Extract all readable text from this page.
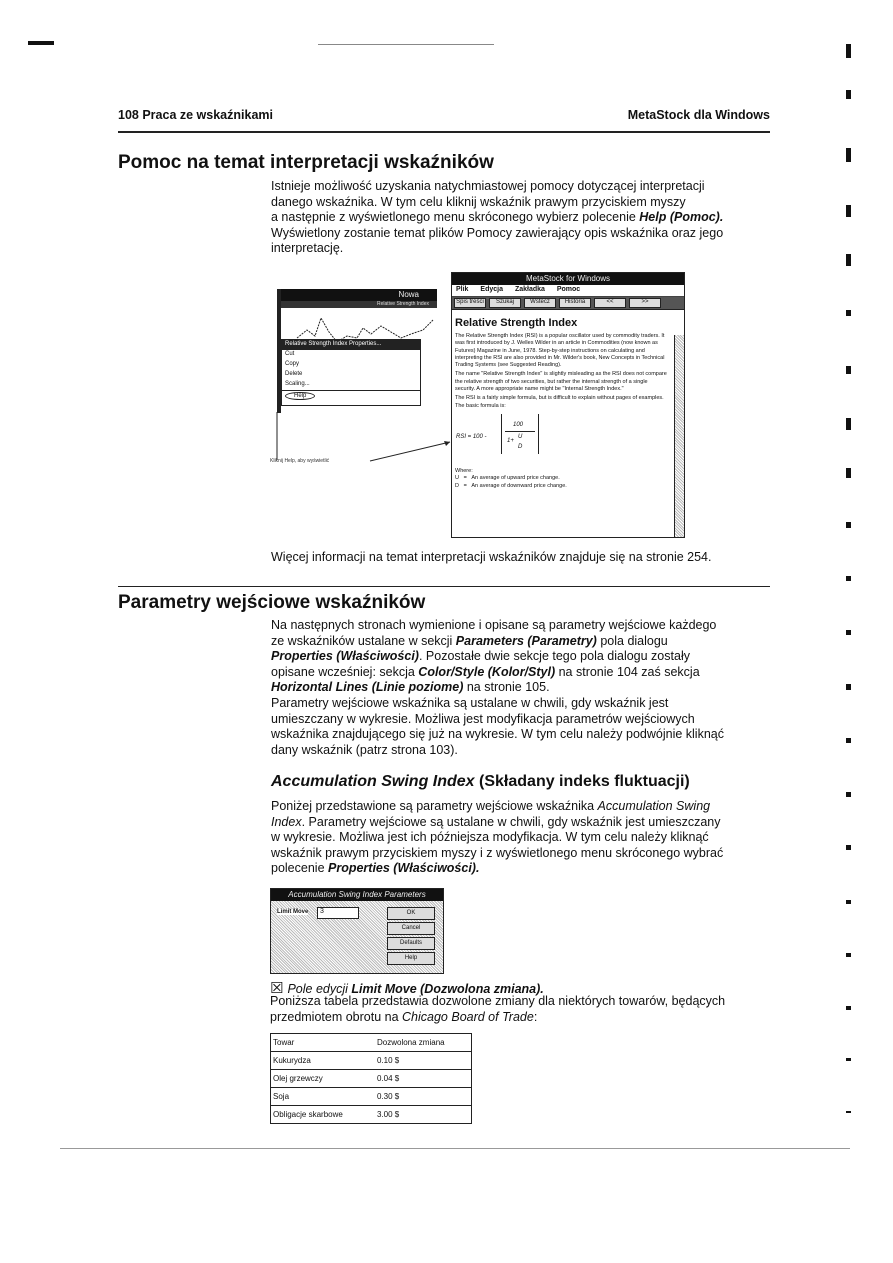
108 Praca ze wskaźnikami	MetaStock dla Windows
Pomoc na temat interpretacji wskaźników
Istnieje możliwość uzyskania natychmiastowej pomocy dotyczącej interpretacji
danego wskaźnika. W tym celu kliknij wskaźnik prawym przyciskiem myszy
a następnie z wyświetlonego menu skróconego wybierz polecenie Help (Pomoc).
Wyświetlony zostanie temat plików Pomocy zawierający opis wskaźnika oraz jego
interpretację.
Nowa
Relative Strength Index
Relative Strength Index Properties...
Cut
Copy
Delete
Scaling...
Help
Kliknij Help, aby wyświetlić
MetaStock for Windows
Plik Edycja Zakładka Pomoc
Spis treści	Szukaj	Wstecz	Historia	<<	>>
Relative Strength Index
The Relative Strength Index (RSI) is a popular oscillator used by commodity traders. It was first introduced by J. Welles Wilder in an article in Commodities (now known as Futures) Magazine in June, 1978. Step-by-step instructions on calculating and interpreting the RSI are also provided in Mr. Wilder's book, New Concepts in Technical Trading Systems (see Suggested Reading).
The name "Relative Strength Index" is slightly misleading as the RSI does not compare the relative strength of two securities, but rather the internal strength of a single security. A more appropriate name might be "Internal Strength Index."
The RSI is a fairly simple formula, but is difficult to explain without pages of examples. The basic formula is:
RSI = 100 -
100
1+
U
D
Where:
U = An average of upward price change.
D = An average of downward price change.
Więcej informacji na temat interpretacji wskaźników znajduje się na stronie 254.
Parametry wejściowe wskaźników
Na następnych stronach wymienione i opisane są parametry wejściowe każdego
ze wskaźników ustalane w sekcji Parameters (Parametry) pola dialogu
Properties (Właściwości). Pozostałe dwie sekcje tego pola dialogu zostały
opisane wcześniej: sekcja Color/Style (Kolor/Styl) na stronie 104 zaś sekcja
Horizontal Lines (Linie poziome) na stronie 105.
Parametry wejściowe wskaźnika są ustalane w chwili, gdy wskaźnik jest
umieszczany w wykresie. Możliwa jest modyfikacja parametrów wejściowych
wskaźnika znajdującego się już na wykresie. W tym celu należy podwójnie kliknąć
dany wskaźnik (patrz strona 103).
Accumulation Swing Index (Składany indeks fluktuacji)
Poniżej przedstawione są parametry wejściowe wskaźnika Accumulation Swing
Index. Parametry wejściowe są ustalane w chwili, gdy wskaźnik jest umieszczany
w wykresie. Możliwa jest ich późniejsza modyfikacja. W tym celu należy kliknąć
wskaźnik prawym przyciskiem myszy i z wyświetlonego menu skróconego wybrać
polecenie Properties (Właściwości).
Accumulation Swing Index Parameters
Limit Move	3	OK
Cancel
Defaults
Help
☒ Pole edycji Limit Move (Dozwolona zmiana).
Poniższa tabela przedstawia dozwolone zmiany dla niektórych towarów, będących
przedmiotem obrotu na Chicago Board of Trade:
Towar	Dozwolona zmiana
Kukurydza	0.10 $
Olej grzewczy	0.04 $
Soja	0.30 $
Obligacje skarbowe	3.00 $
